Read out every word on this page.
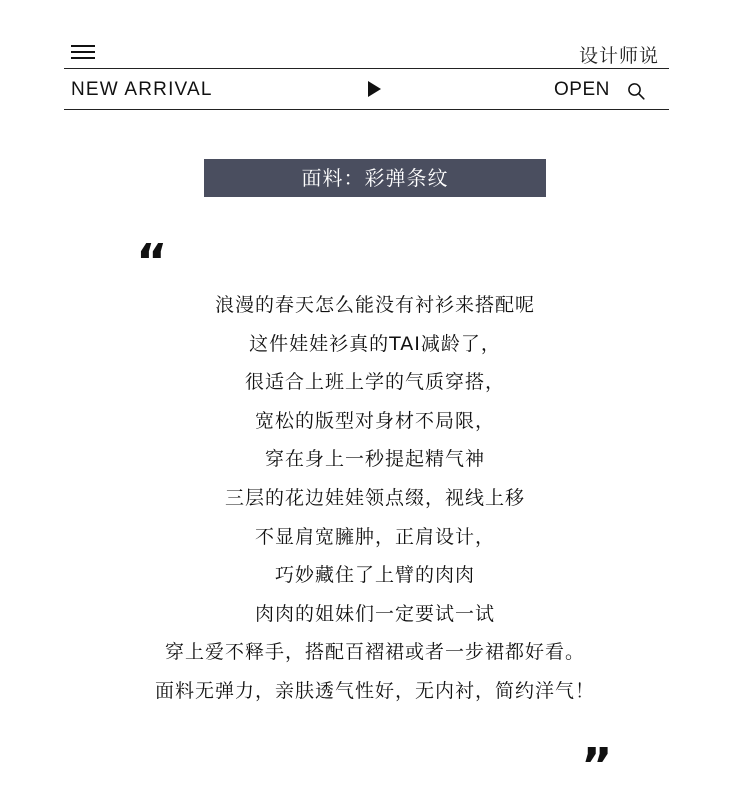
设计师说
NEW ARRIVAL	OPEN
面料：彩弹条纹
“
浪漫的春天怎么能没有衬衫来搭配呢
这件娃娃衫真的TAI减龄了，
很适合上班上学的气质穿搭，
宽松的版型对身材不局限，
穿在身上一秒提起精气神
三层的花边娃娃领点缀，视线上移
不显肩宽臃肿，正肩设计，
巧妙藏住了上臂的肉肉
肉肉的姐妹们一定要试一试
穿上爱不释手，搭配百褶裙或者一步裙都好看。
面料无弹力，亲肤透气性好，无内衬，简约洋气！
”
